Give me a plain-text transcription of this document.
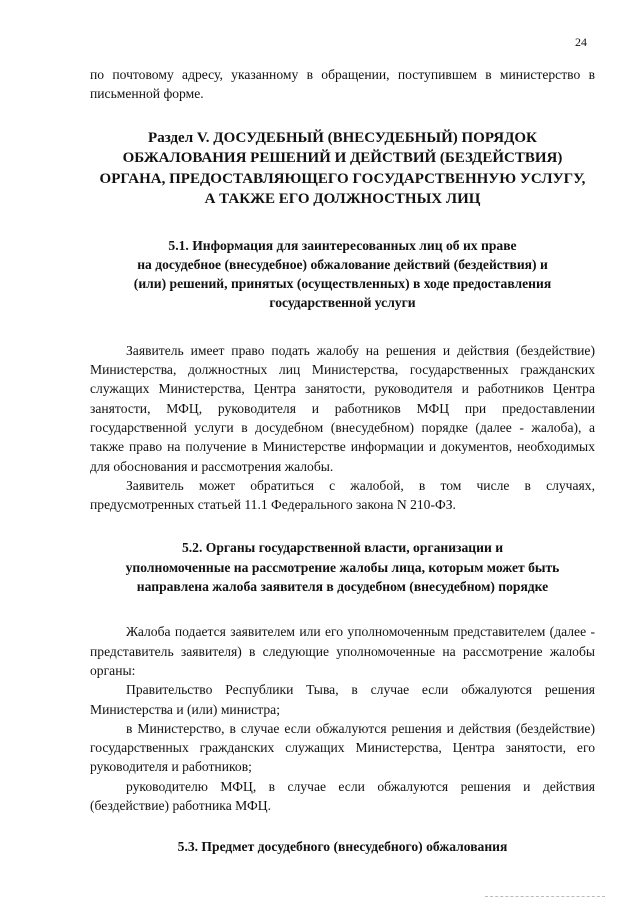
24

по почтовому адресу, указанному в обращении, поступившем в министерство в письменной форме.

Раздел V. ДОСУДЕБНЫЙ (ВНЕСУДЕБНЫЙ) ПОРЯДОК
ОБЖАЛОВАНИЯ РЕШЕНИЙ И ДЕЙСТВИЙ (БЕЗДЕЙСТВИЯ)
ОРГАНА, ПРЕДОСТАВЛЯЮЩЕГО ГОСУДАРСТВЕННУЮ УСЛУГУ,
А ТАКЖЕ ЕГО ДОЛЖНОСТНЫХ ЛИЦ
5.1. Информация для заинтересованных лиц об их праве
на досудебное (внесудебное) обжалование действий (бездействия) и
(или) решений, принятых (осуществленных) в ходе предоставления
государственной услуги

Заявитель имеет право подать жалобу на решения и действия (бездействие) Министерства, должностных лиц Министерства, государственных гражданских служащих Министерства, Центра занятости, руководителя и работников Центра занятости, МФЦ, руководителя и работников МФЦ при предоставлении государственной услуги в досудебном (внесудебном) порядке (далее - жалоба), а также право на получение в Министерстве информации и документов, необходимых для обоснования и рассмотрения жалобы.

Заявитель может обратиться с жалобой, в том числе в случаях, предусмотренных статьей 11.1 Федерального закона N 210-ФЗ.

5.2. Органы государственной власти, организации и
уполномоченные на рассмотрение жалобы лица, которым может быть
направлена жалоба заявителя в досудебном (внесудебном) порядке

Жалоба подается заявителем или его уполномоченным представителем (далее - представитель заявителя) в следующие уполномоченные на рассмотрение жалобы органы:

Правительство Республики Тыва, в случае если обжалуются решения Министерства и (или) министра;

в Министерство, в случае если обжалуются решения и действия (бездействие) государственных гражданских служащих Министерства, Центра занятости, его руководителя и работников;

руководителю МФЦ, в случае если обжалуются решения и действия (бездействие) работника МФЦ.

5.3. Предмет досудебного (внесудебного) обжалования
